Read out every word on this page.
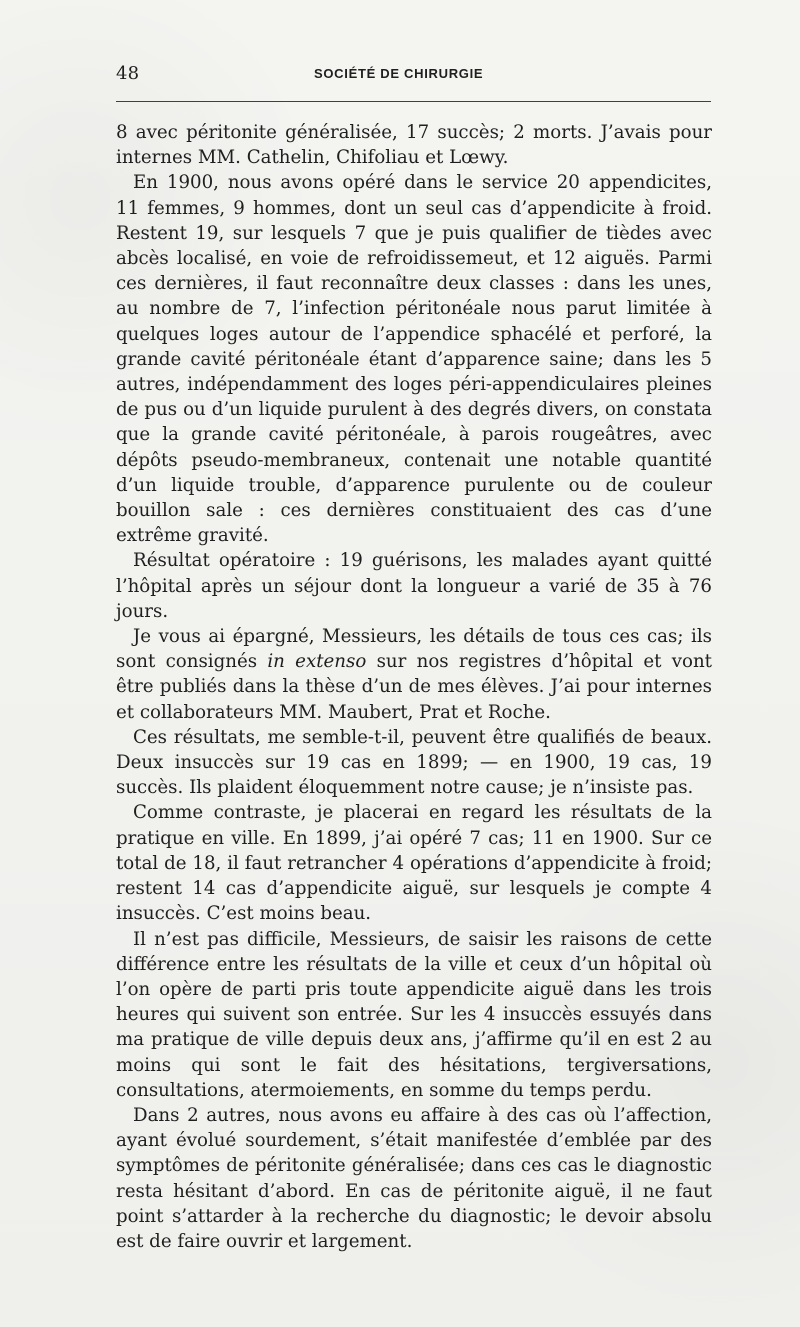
48	SOCIÉTÉ DE CHIRURGIE

8 avec péritonite généralisée, 17 succès; 2 morts. J’avais pour internes MM. Cathelin, Chifoliau et Lœwy.

En 1900, nous avons opéré dans le service 20 appendicites, 11 femmes, 9 hommes, dont un seul cas d’appendicite à froid. Restent 19, sur lesquels 7 que je puis qualifier de tièdes avec abcès localisé, en voie de refroidissemeut, et 12 aiguës. Parmi ces dernières, il faut reconnaître deux classes : dans les unes, au nombre de 7, l’infection péritonéale nous parut limitée à quelques loges autour de l’appendice sphacélé et perforé, la grande cavité péritonéale étant d’apparence saine; dans les 5 autres, indépendamment des loges péri-appendiculaires pleines de pus ou d’un liquide purulent à des degrés divers, on constata que la grande cavité péritonéale, à parois rougeâtres, avec dépôts pseudo-membraneux, contenait une notable quantité d’un liquide trouble, d’apparence purulente ou de couleur bouillon sale : ces dernières constituaient des cas d’une extrême gravité.

Résultat opératoire : 19 guérisons, les malades ayant quitté l’hôpital après un séjour dont la longueur a varié de 35 à 76 jours.

Je vous ai épargné, Messieurs, les détails de tous ces cas; ils sont consignés in extenso sur nos registres d’hôpital et vont être publiés dans la thèse d’un de mes élèves. J’ai pour internes et collaborateurs MM. Maubert, Prat et Roche.

Ces résultats, me semble-t-il, peuvent être qualifiés de beaux. Deux insuccès sur 19 cas en 1899; — en 1900, 19 cas, 19 succès. Ils plaident éloquemment notre cause; je n’insiste pas.

Comme contraste, je placerai en regard les résultats de la pratique en ville. En 1899, j’ai opéré 7 cas; 11 en 1900. Sur ce total de 18, il faut retrancher 4 opérations d’appendicite à froid; restent 14 cas d’appendicite aiguë, sur lesquels je compte 4 insuccès. C’est moins beau.

Il n’est pas difficile, Messieurs, de saisir les raisons de cette différence entre les résultats de la ville et ceux d’un hôpital où l’on opère de parti pris toute appendicite aiguë dans les trois heures qui suivent son entrée. Sur les 4 insuccès essuyés dans ma pratique de ville depuis deux ans, j’affirme qu’il en est 2 au moins qui sont le fait des hésitations, tergiversations, consultations, atermoiements, en somme du temps perdu.

Dans 2 autres, nous avons eu affaire à des cas où l’affection, ayant évolué sourdement, s’était manifestée d’emblée par des symptômes de péritonite généralisée; dans ces cas le diagnostic resta hésitant d’abord. En cas de péritonite aiguë, il ne faut point s’attarder à la recherche du diagnostic; le devoir absolu est de faire ouvrir et largement.
